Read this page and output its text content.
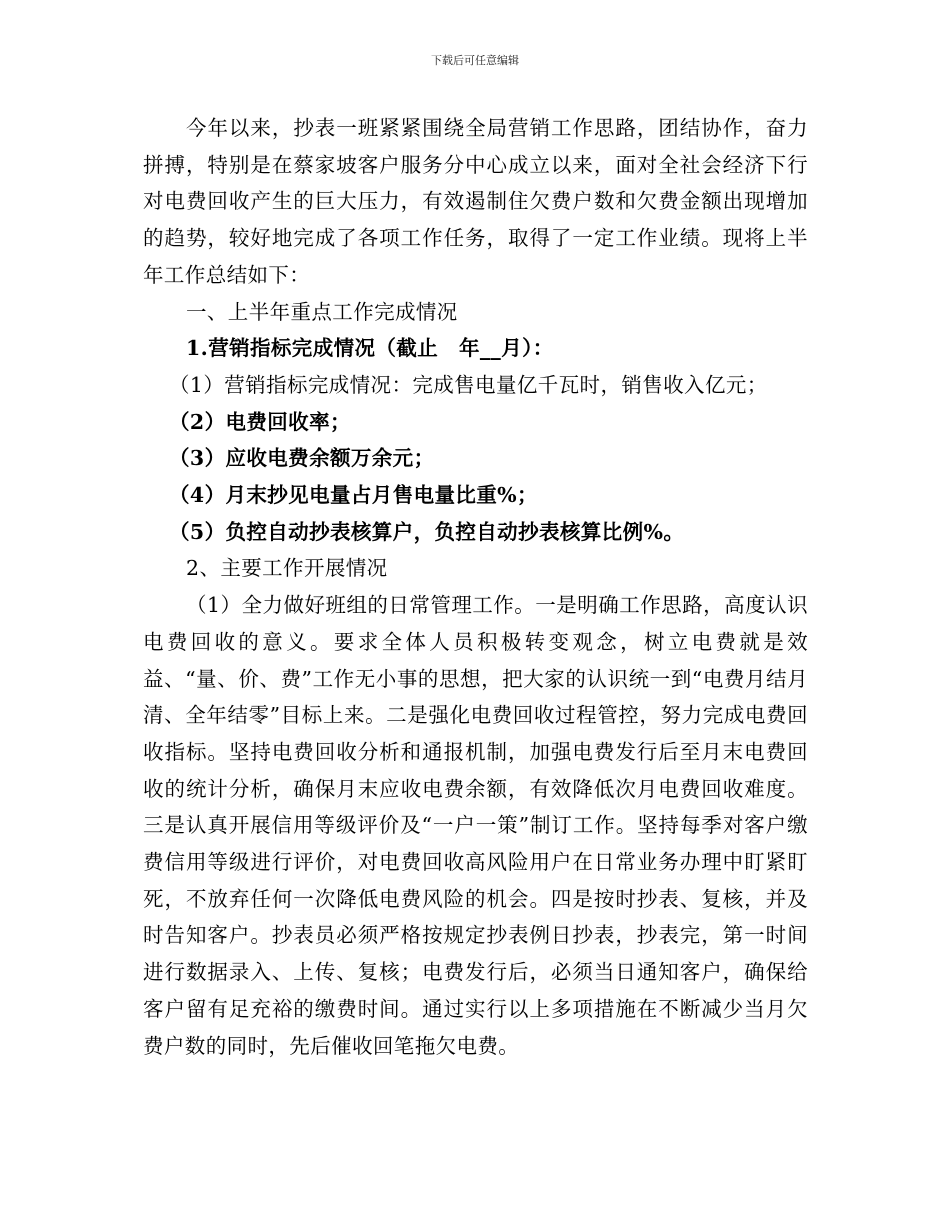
下载后可任意编辑

今年以来，抄表一班紧紧围绕全局营销工作思路，团结协作，奋力拼搏，特别是在蔡家坡客户服务分中心成立以来，面对全社会经济下行对电费回收产生的巨大压力，有效遏制住欠费户数和欠费金额出现增加的趋势，较好地完成了各项工作任务，取得了一定工作业绩。现将上半年工作总结如下：

一、上半年重点工作完成情况

1.营销指标完成情况（截止　年__月）：

（1）营销指标完成情况：完成售电量亿千瓦时，销售收入亿元；

（2）电费回收率；

（3）应收电费余额万余元；

（4）月末抄见电量占月售电量比重%；

（5）负控自动抄表核算户，负控自动抄表核算比例%。

2、主要工作开展情况

（1）全力做好班组的日常管理工作。一是明确工作思路，高度认识电费回收的意义。要求全体人员积极转变观念，树立电费就是效益、“量、价、费”工作无小事的思想，把大家的认识统一到“电费月结月清、全年结零”目标上来。二是强化电费回收过程管控，努力完成电费回收指标。坚持电费回收分析和通报机制，加强电费发行后至月末电费回收的统计分析，确保月末应收电费余额，有效降低次月电费回收难度。三是认真开展信用等级评价及“一户一策”制订工作。坚持每季对客户缴费信用等级进行评价，对电费回收高风险用户在日常业务办理中盯紧盯死，不放弃任何一次降低电费风险的机会。四是按时抄表、复核，并及时告知客户。抄表员必须严格按规定抄表例日抄表，抄表完，第一时间进行数据录入、上传、复核；电费发行后，必须当日通知客户，确保给客户留有足充裕的缴费时间。通过实行以上多项措施在不断减少当月欠费户数的同时，先后催收回笔拖欠电费。
